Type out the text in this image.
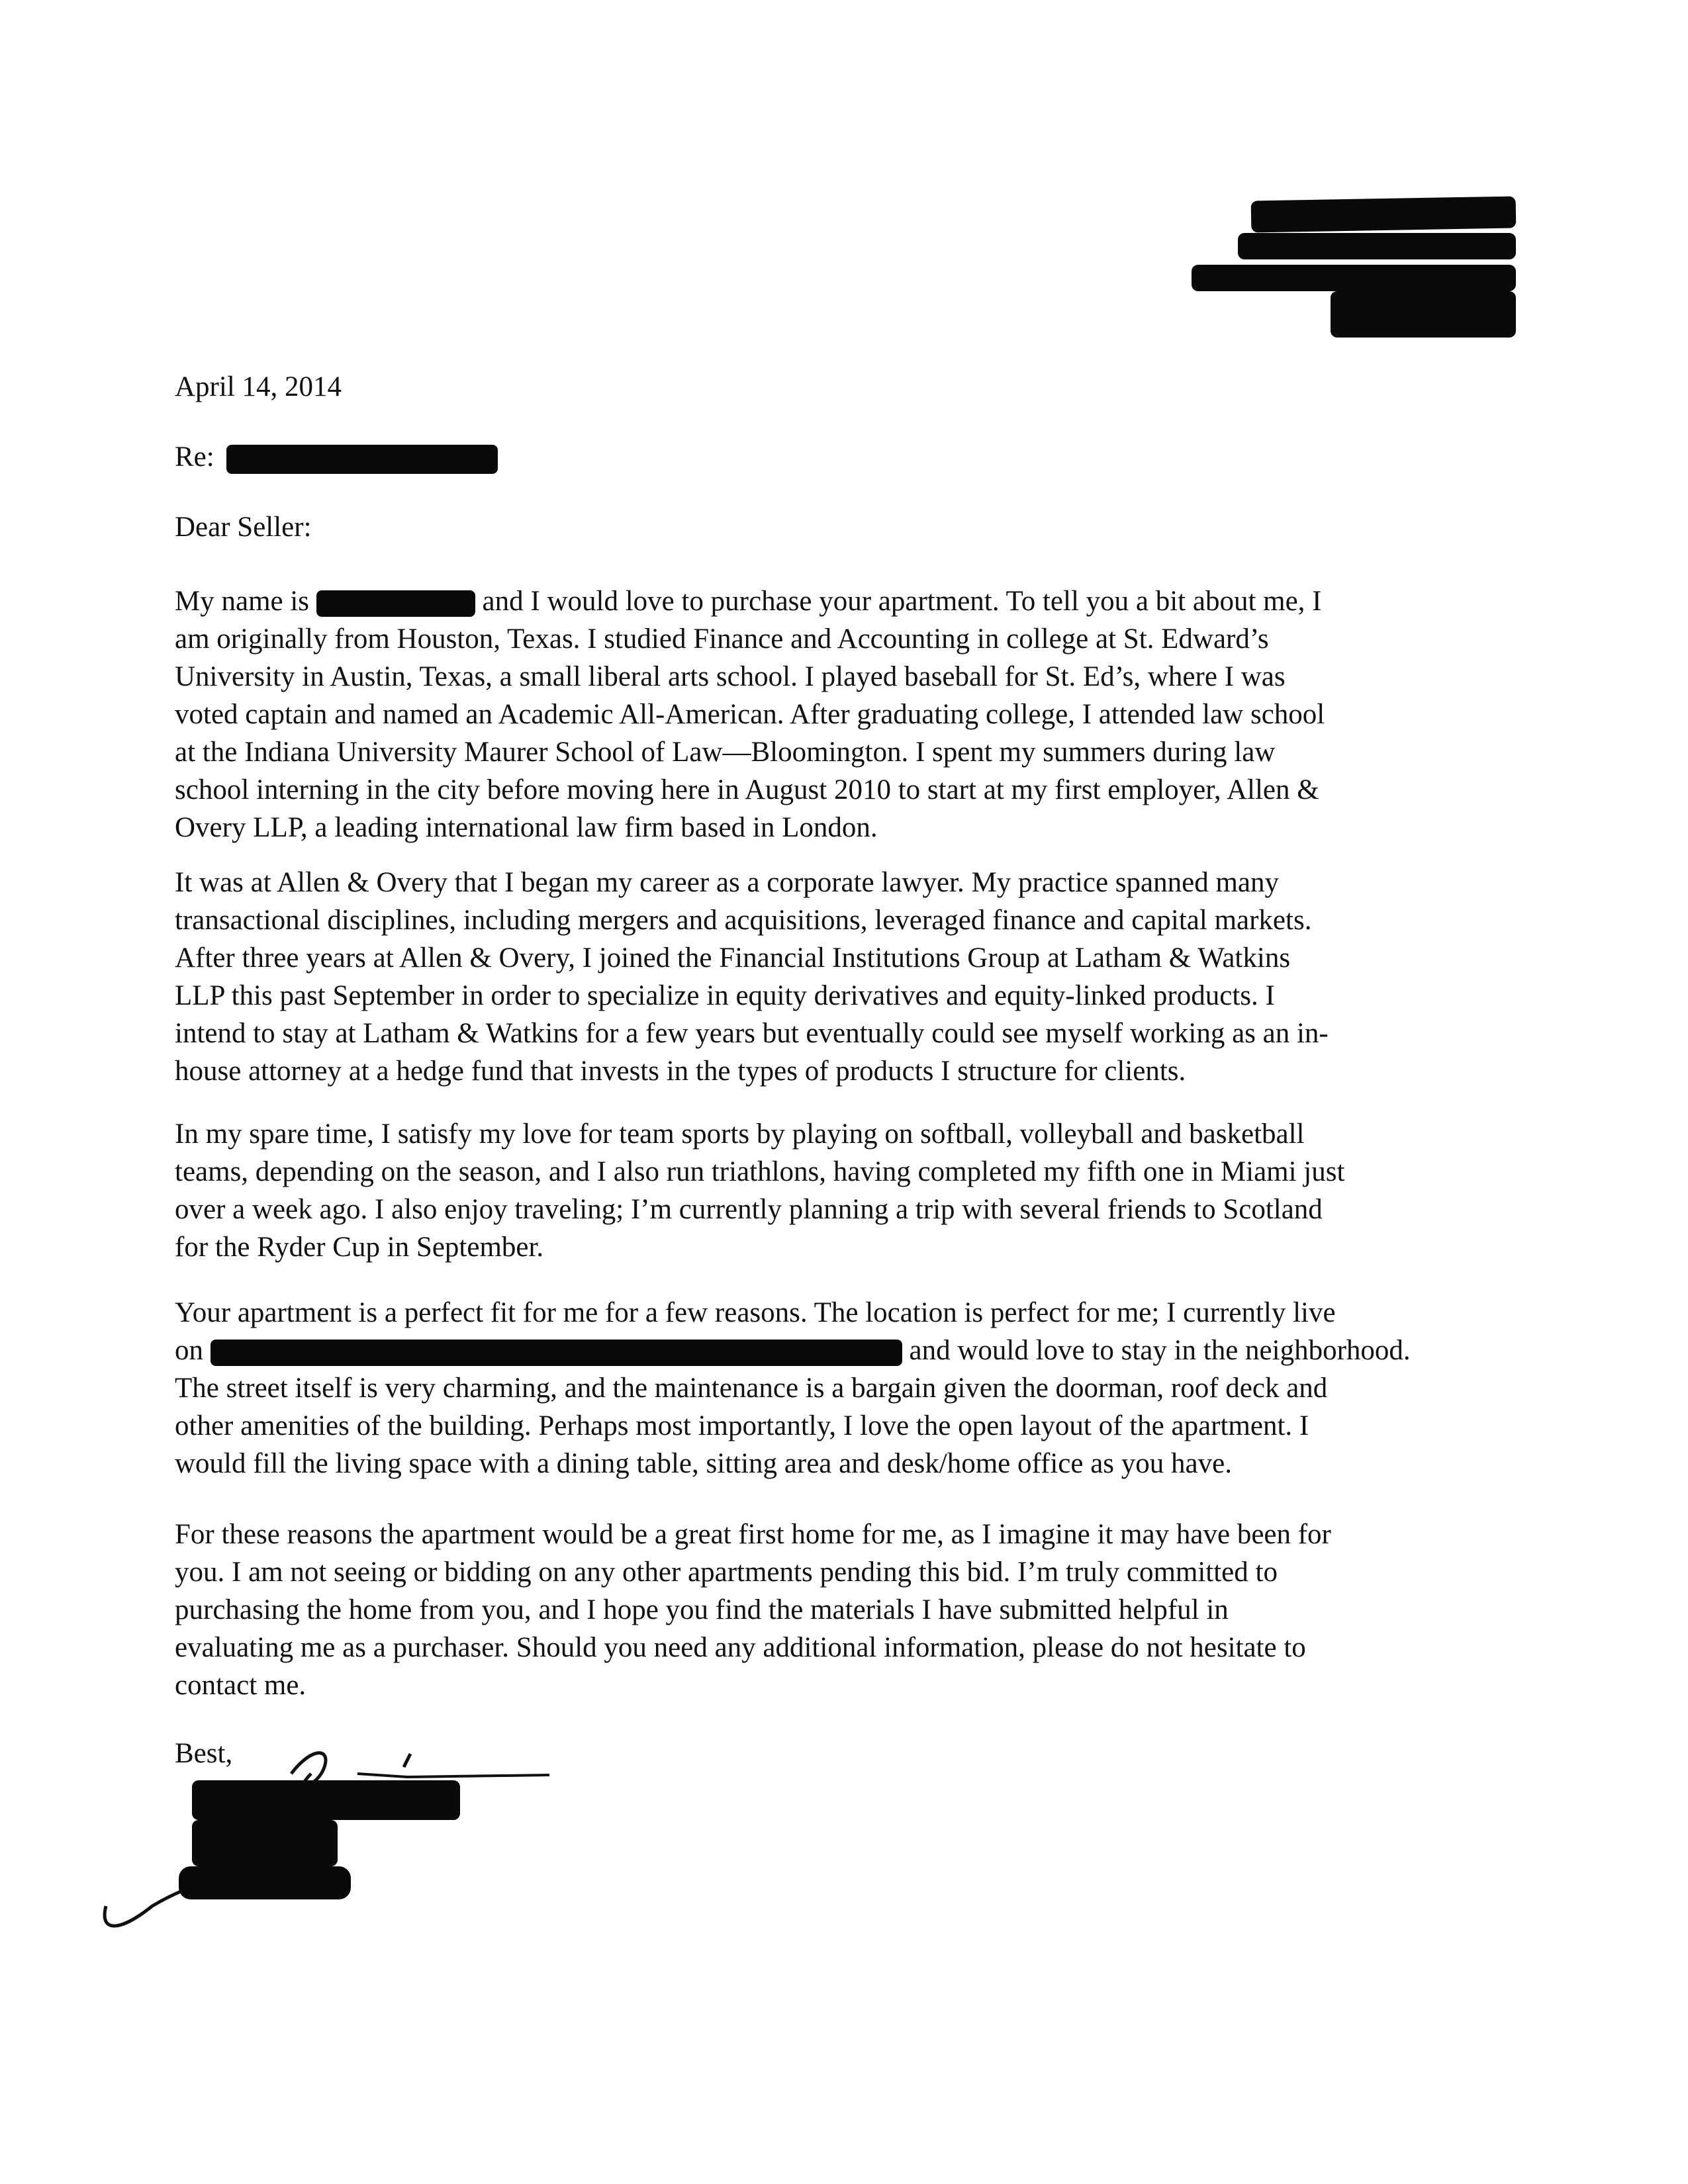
April 14, 2014
Re:
Dear Seller:
My name is	and I would love to purchase your apartment. To tell you a bit about me, I
am originally from Houston, Texas. I studied Finance and Accounting in college at St. Edward’s
University in Austin, Texas, a small liberal arts school. I played baseball for St. Ed’s, where I was
voted captain and named an Academic All-American. After graduating college, I attended law school
at the Indiana University Maurer School of Law—Bloomington. I spent my summers during law
school interning in the city before moving here in August 2010 to start at my first employer, Allen &
Overy LLP, a leading international law firm based in London.
It was at Allen & Overy that I began my career as a corporate lawyer. My practice spanned many
transactional disciplines, including mergers and acquisitions, leveraged finance and capital markets.
After three years at Allen & Overy, I joined the Financial Institutions Group at Latham & Watkins
LLP this past September in order to specialize in equity derivatives and equity-linked products. I
intend to stay at Latham & Watkins for a few years but eventually could see myself working as an in-
house attorney at a hedge fund that invests in the types of products I structure for clients.
In my spare time, I satisfy my love for team sports by playing on softball, volleyball and basketball
teams, depending on the season, and I also run triathlons, having completed my fifth one in Miami just
over a week ago. I also enjoy traveling; I’m currently planning a trip with several friends to Scotland
for the Ryder Cup in September.
Your apartment is a perfect fit for me for a few reasons. The location is perfect for me; I currently live
on	and would love to stay in the neighborhood.
The street itself is very charming, and the maintenance is a bargain given the doorman, roof deck and
other amenities of the building. Perhaps most importantly, I love the open layout of the apartment. I
would fill the living space with a dining table, sitting area and desk/home office as you have.
For these reasons the apartment would be a great first home for me, as I imagine it may have been for
you. I am not seeing or bidding on any other apartments pending this bid. I’m truly committed to
purchasing the home from you, and I hope you find the materials I have submitted helpful in
evaluating me as a purchaser. Should you need any additional information, please do not hesitate to
contact me.
Best,
